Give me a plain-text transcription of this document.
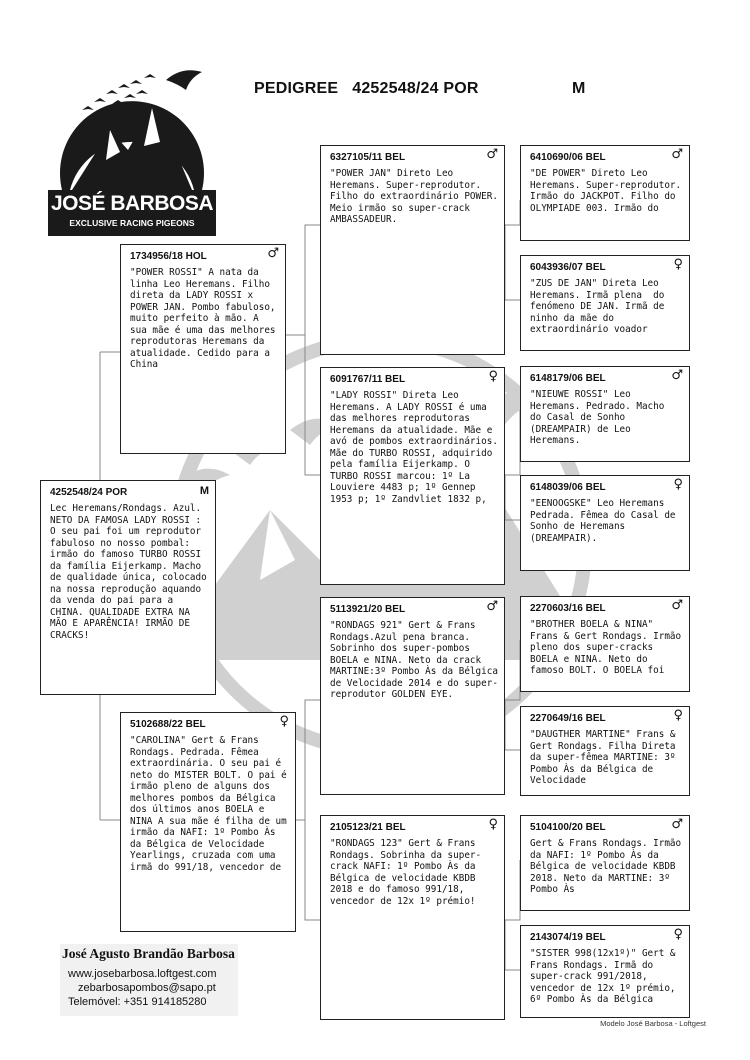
JOSÉ BARBOSA
EXCLUSIVE RACING PIGEONS
PEDIGREE   4252548/24 POR	M
4252548/24 POR	M
Lec Heremans/Rondags. Azul. NETO DA FAMOSA LADY ROSSI : O seu pai foi um reprodutor fabuloso no nosso pombal: irmão do famoso TURBO ROSSI da família Eijerkamp. Macho de qualidade única, colocado na nossa reprodução aquando da venda do pai para a CHINA. QUALIDADE EXTRA NA MÃO E APARÊNCIA! IRMÃO DE CRACKS!
1734956/18 HOL	♂
"POWER ROSSI" A nata da linha Leo Heremans. Filho direta da LADY ROSSI x POWER JAN. Pombo fabuloso, muito perfeito à mão. A sua mãe é uma das melhores reprodutoras Heremans da atualidade. Cedido para a China
5102688/22 BEL	♀
"CAROLINA" Gert & Frans Rondags. Pedrada. Fêmea extraordinária. O seu pai é neto do MISTER BOLT. O pai é irmão pleno de alguns dos melhores pombos da Bélgica dos últimos anos BOELA e NINA A sua mãe é filha de um irmão da NAFI: 1º Pombo Às da Bélgica de Velocidade Yearlings, cruzada com uma irmã do 991/18, vencedor de
6327105/11 BEL	♂
"POWER JAN" Direto Leo Heremans. Super-reprodutor. Filho do extraordinário POWER. Meio irmão so super-crack AMBASSADEUR.
6091767/11 BEL	♀
"LADY ROSSI" Direta Leo Heremans. A LADY ROSSI é uma das melhores reprodutoras Heremans da atualidade. Mãe e avó de pombos extraordinários.  Mãe do TURBO ROSSI, adquirido pela família Eijerkamp. O TURBO ROSSI marcou: 1º La Louviere 4483 p; 1º Gennep 1953 p; 1º Zandvliet 1832 p,
5113921/20 BEL	♂
"RONDAGS 921" Gert & Frans Rondags.Azul pena branca. Sobrinho dos super-pombos BOELA e NINA. Neto da crack MARTINE:3º Pombo Às da Bélgica de Velocidade 2014 e do super-reprodutor GOLDEN EYE.
2105123/21 BEL	♀
"RONDAGS 123" Gert & Frans Rondags. Sobrinha da super-crack NAFI: 1º Pombo Às da Bélgica de velocidade KBDB 2018 e do famoso 991/18, vencedor de 12x 1º prémio!
6410690/06 BEL	♂
"DE POWER" Direto Leo Heremans. Super-reprodutor. Irmão do JACKPOT. Filho do OLYMPIADE 003. Irmão do
6043936/07 BEL	♀
"ZUS DE JAN" Direta Leo Heremans. Irmã plena  do fenómeno DE JAN. Irmã de ninho da mãe do extraordinário voador
6148179/06 BEL	♂
"NIEUWE ROSSI" Leo Heremans. Pedrado. Macho  do Casal de Sonho (DREAMPAIR) de Leo Heremans.
6148039/06 BEL	♀
"EENOOGSKE" Leo Heremans Pedrada. Fêmea do Casal de Sonho de Heremans (DREAMPAIR).
2270603/16 BEL	♂
"BROTHER BOELA & NINA" Frans & Gert Rondags. Irmão pleno dos super-cracks BOELA e NINA. Neto do famoso BOLT. O BOELA foi
2270649/16 BEL	♀
"DAUGTHER MARTINE" Frans & Gert Rondags. Filha Direta da super-fêmea MARTINE: 3º Pombo Às da Bélgica de Velocidade
5104100/20 BEL	♂
Gert & Frans Rondags. Irmão da NAFI: 1º Pombo Às da Bélgica de velocidade KBDB 2018. Neto da MARTINE: 3º Pombo Às
2143074/19 BEL	♀
"SISTER 998(12x1º)" Gert & Frans Rondags. Irmã do super-crack 991/2018, vencedor de 12x 1º prémio, 6º Pombo Às da Bélgica
José Agusto Brandão Barbosa
www.josebarbosa.loftgest.com
zebarbosapombos@sapo.pt
Telemóvel: +351 914185280
Modelo José Barbosa - Loftgest
